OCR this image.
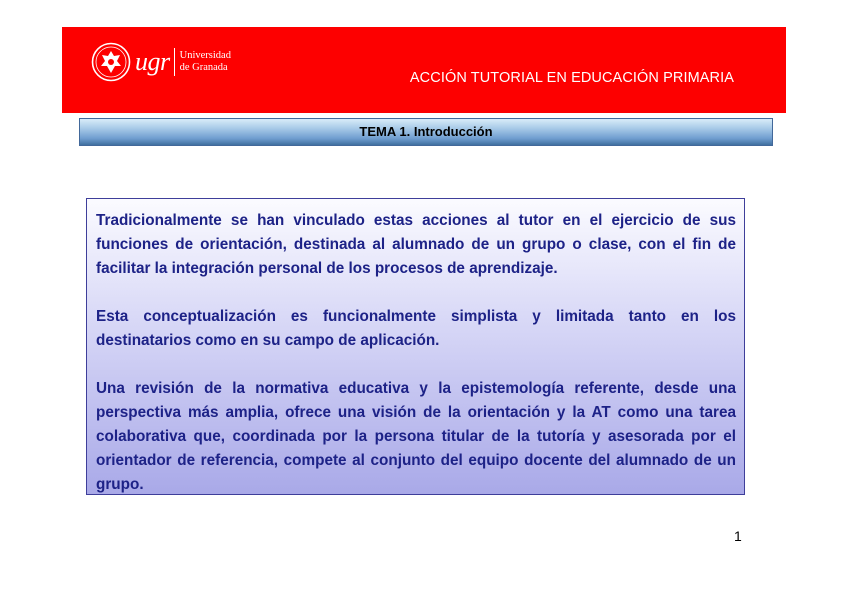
ugr Universidad
de Granada
ACCIÓN TUTORIAL EN EDUCACIÓN PRIMARIA
TEMA 1. Introducción

Tradicionalmente se han vinculado estas acciones al tutor en el ejercicio de sus funciones de orientación, destinada al alumnado de un grupo o clase, con el fin de facilitar la integración personal de los procesos de aprendizaje.

Esta conceptualización es funcionalmente simplista y limitada tanto en los destinatarios como en su campo de aplicación.

Una revisión de la normativa educativa y la epistemología referente, desde una perspectiva más amplia, ofrece una visión de la orientación y la AT como una tarea colaborativa que, coordinada por la persona titular de la tutoría y asesorada por el orientador de referencia, compete al conjunto del equipo docente del alumnado de un grupo.

1
